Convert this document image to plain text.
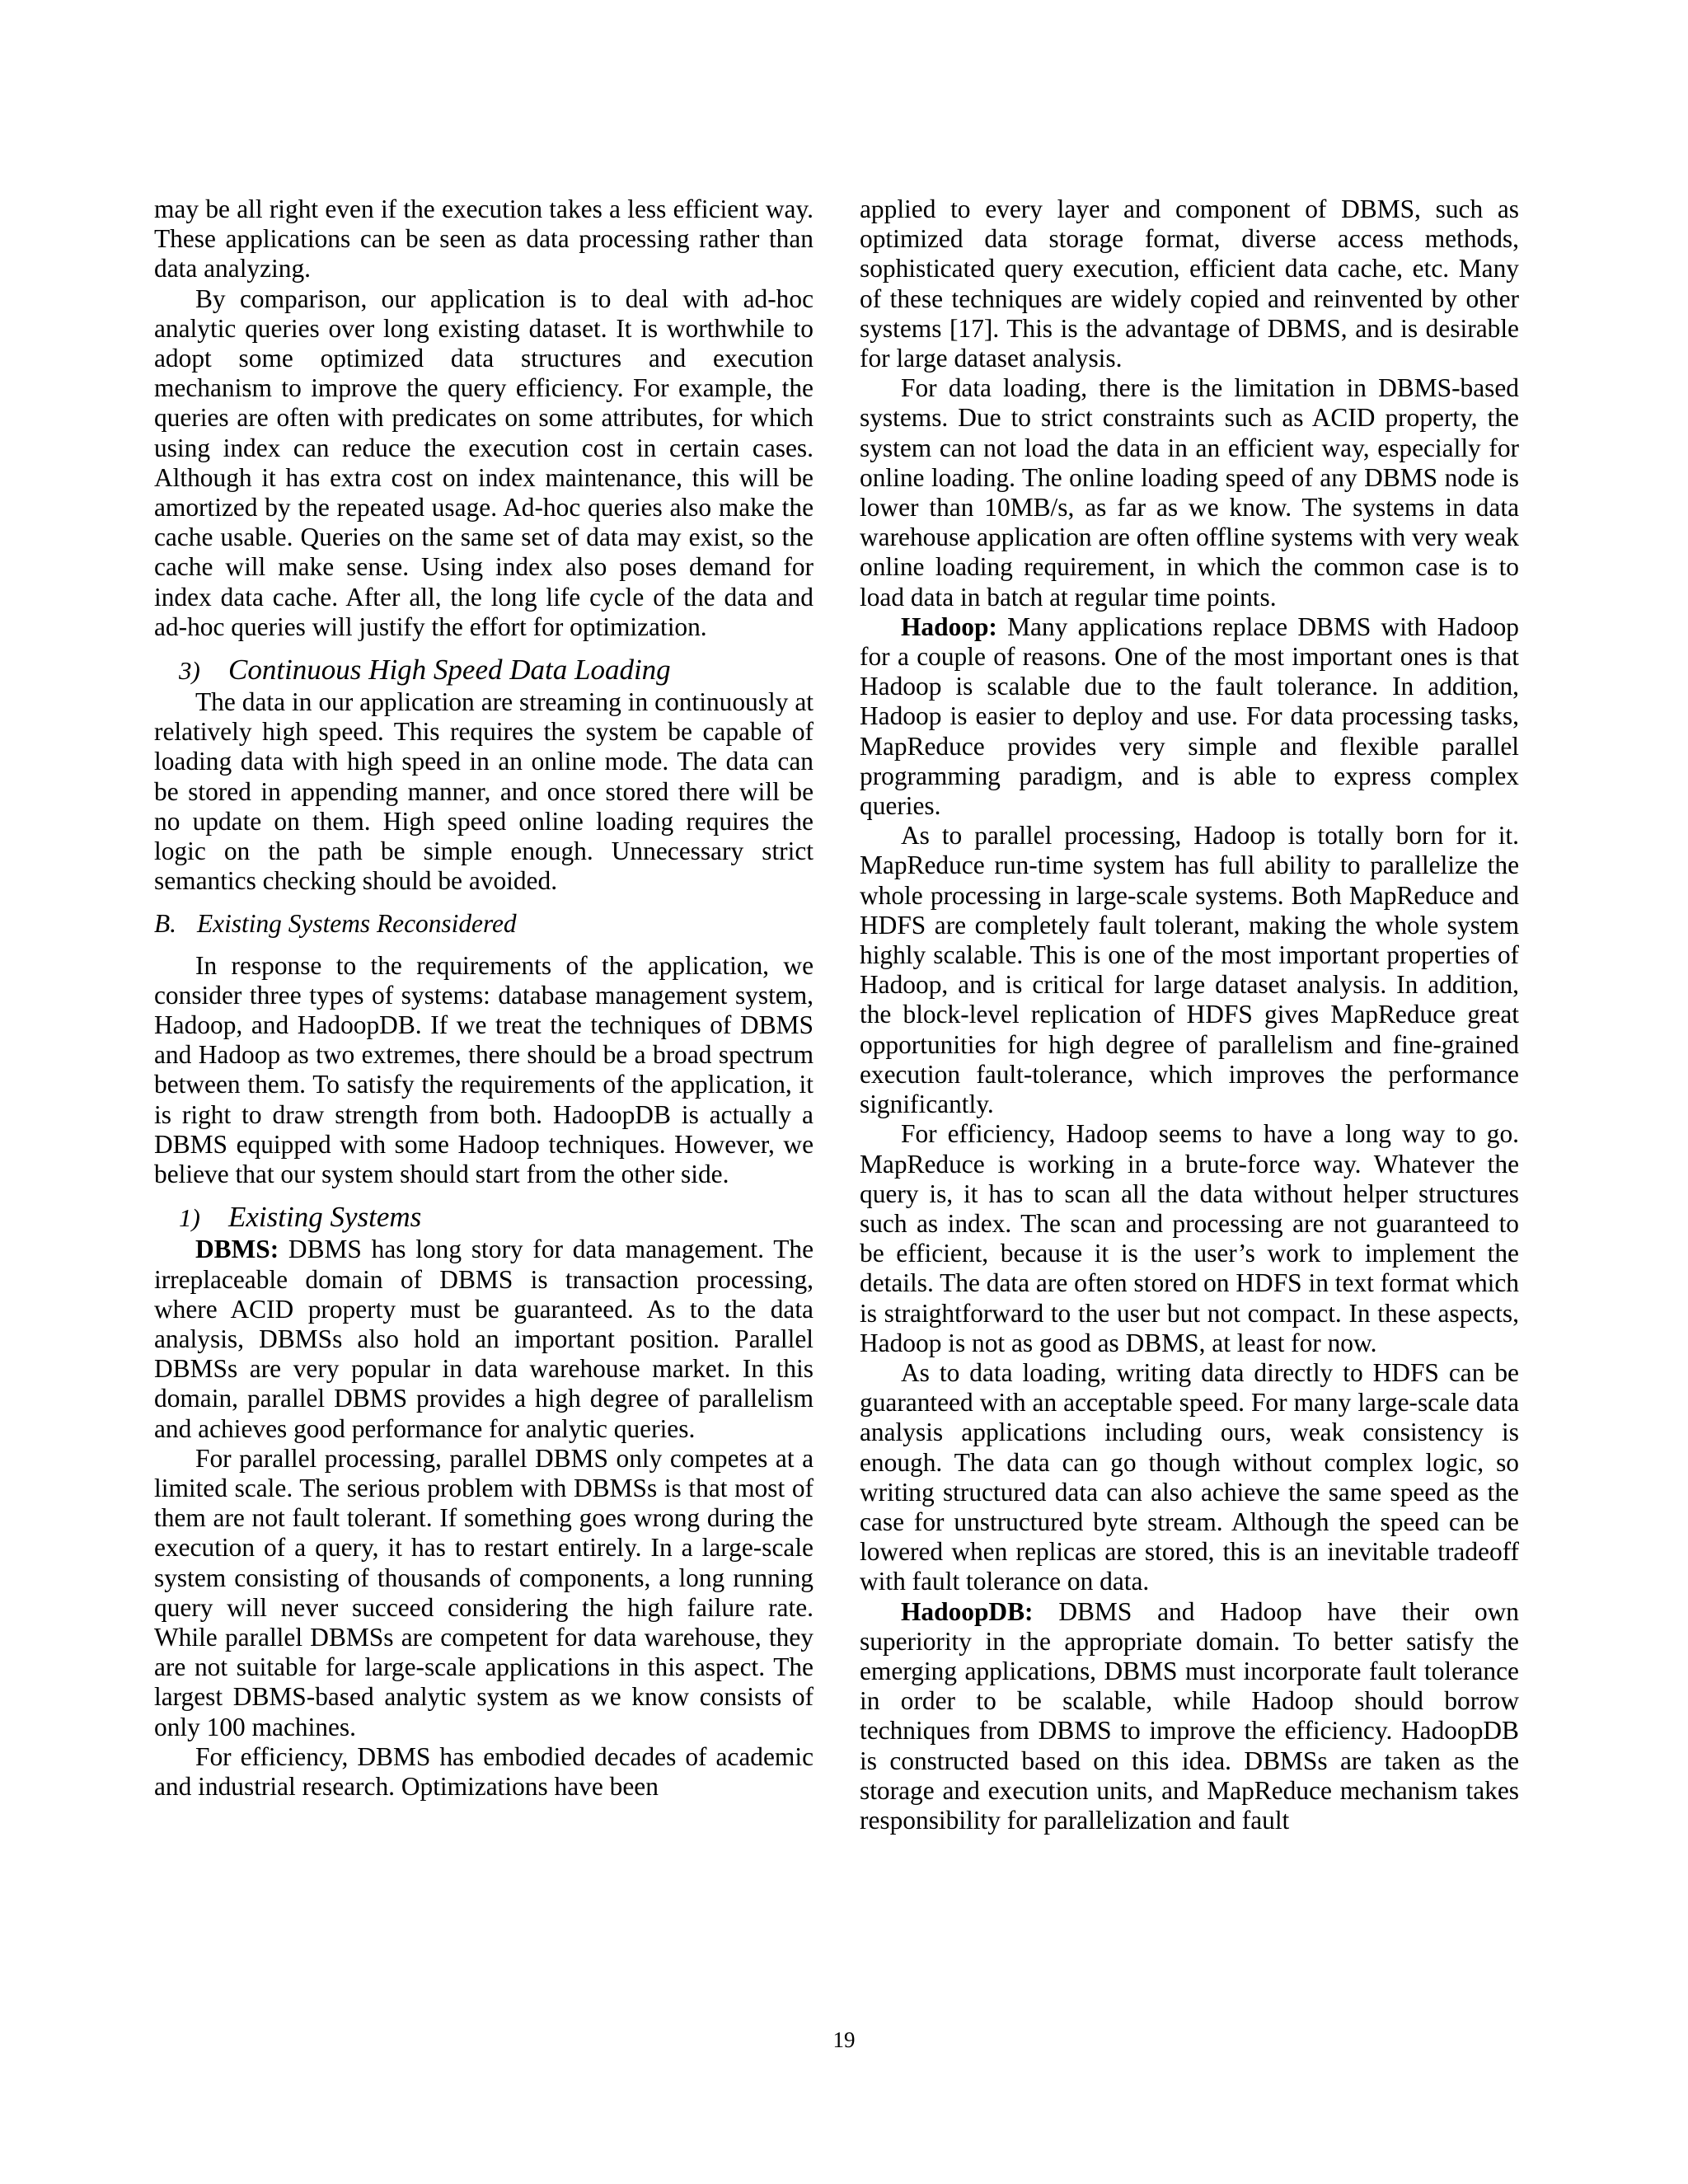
may be all right even if the execution takes a less efficient way. These applications can be seen as data processing rather than data analyzing.

By comparison, our application is to deal with ad-hoc analytic queries over long existing dataset. It is worthwhile to adopt some optimized data structures and execution mechanism to improve the query efficiency. For example, the queries are often with predicates on some attributes, for which using index can reduce the execution cost in certain cases. Although it has extra cost on index maintenance, this will be amortized by the repeated usage. Ad-hoc queries also make the cache usable. Queries on the same set of data may exist, so the cache will make sense. Using index also poses demand for index data cache. After all, the long life cycle of the data and ad-hoc queries will justify the effort for optimization.

3) Continuous High Speed Data Loading

The data in our application are streaming in continuously at relatively high speed. This requires the system be capable of loading data with high speed in an online mode. The data can be stored in appending manner, and once stored there will be no update on them. High speed online loading requires the logic on the path be simple enough. Unnecessary strict semantics checking should be avoided.

B. Existing Systems Reconsidered

In response to the requirements of the application, we consider three types of systems: database management system, Hadoop, and HadoopDB. If we treat the techniques of DBMS and Hadoop as two extremes, there should be a broad spectrum between them. To satisfy the requirements of the application, it is right to draw strength from both. HadoopDB is actually a DBMS equipped with some Hadoop techniques. However, we believe that our system should start from the other side.

1) Existing Systems

DBMS: DBMS has long story for data management. The irreplaceable domain of DBMS is transaction processing, where ACID property must be guaranteed. As to the data analysis, DBMSs also hold an important position. Parallel DBMSs are very popular in data warehouse market. In this domain, parallel DBMS provides a high degree of parallelism and achieves good performance for analytic queries.

For parallel processing, parallel DBMS only competes at a limited scale. The serious problem with DBMSs is that most of them are not fault tolerant. If something goes wrong during the execution of a query, it has to restart entirely. In a large-scale system consisting of thousands of components, a long running query will never succeed considering the high failure rate. While parallel DBMSs are competent for data warehouse, they are not suitable for large-scale applications in this aspect. The largest DBMS-based analytic system as we know consists of only 100 machines.

For efficiency, DBMS has embodied decades of academic and industrial research. Optimizations have been

applied to every layer and component of DBMS, such as optimized data storage format, diverse access methods, sophisticated query execution, efficient data cache, etc. Many of these techniques are widely copied and reinvented by other systems [17]. This is the advantage of DBMS, and is desirable for large dataset analysis.

For data loading, there is the limitation in DBMS-based systems. Due to strict constraints such as ACID property, the system can not load the data in an efficient way, especially for online loading. The online loading speed of any DBMS node is lower than 10MB/s, as far as we know. The systems in data warehouse application are often offline systems with very weak online loading requirement, in which the common case is to load data in batch at regular time points.

Hadoop: Many applications replace DBMS with Hadoop for a couple of reasons. One of the most important ones is that Hadoop is scalable due to the fault tolerance. In addition, Hadoop is easier to deploy and use. For data processing tasks, MapReduce provides very simple and flexible parallel programming paradigm, and is able to express complex queries.

As to parallel processing, Hadoop is totally born for it. MapReduce run-time system has full ability to parallelize the whole processing in large-scale systems. Both MapReduce and HDFS are completely fault tolerant, making the whole system highly scalable. This is one of the most important properties of Hadoop, and is critical for large dataset analysis. In addition, the block-level replication of HDFS gives MapReduce great opportunities for high degree of parallelism and fine-grained execution fault-tolerance, which improves the performance significantly.

For efficiency, Hadoop seems to have a long way to go. MapReduce is working in a brute-force way. Whatever the query is, it has to scan all the data without helper structures such as index. The scan and processing are not guaranteed to be efficient, because it is the user’s work to implement the details. The data are often stored on HDFS in text format which is straightforward to the user but not compact. In these aspects, Hadoop is not as good as DBMS, at least for now.

As to data loading, writing data directly to HDFS can be guaranteed with an acceptable speed. For many large-scale data analysis applications including ours, weak consistency is enough. The data can go though without complex logic, so writing structured data can also achieve the same speed as the case for unstructured byte stream. Although the speed can be lowered when replicas are stored, this is an inevitable tradeoff with fault tolerance on data.

HadoopDB: DBMS and Hadoop have their own superiority in the appropriate domain. To better satisfy the emerging applications, DBMS must incorporate fault tolerance in order to be scalable, while Hadoop should borrow techniques from DBMS to improve the efficiency. HadoopDB is constructed based on this idea. DBMSs are taken as the storage and execution units, and MapReduce mechanism takes responsibility for parallelization and fault

19
